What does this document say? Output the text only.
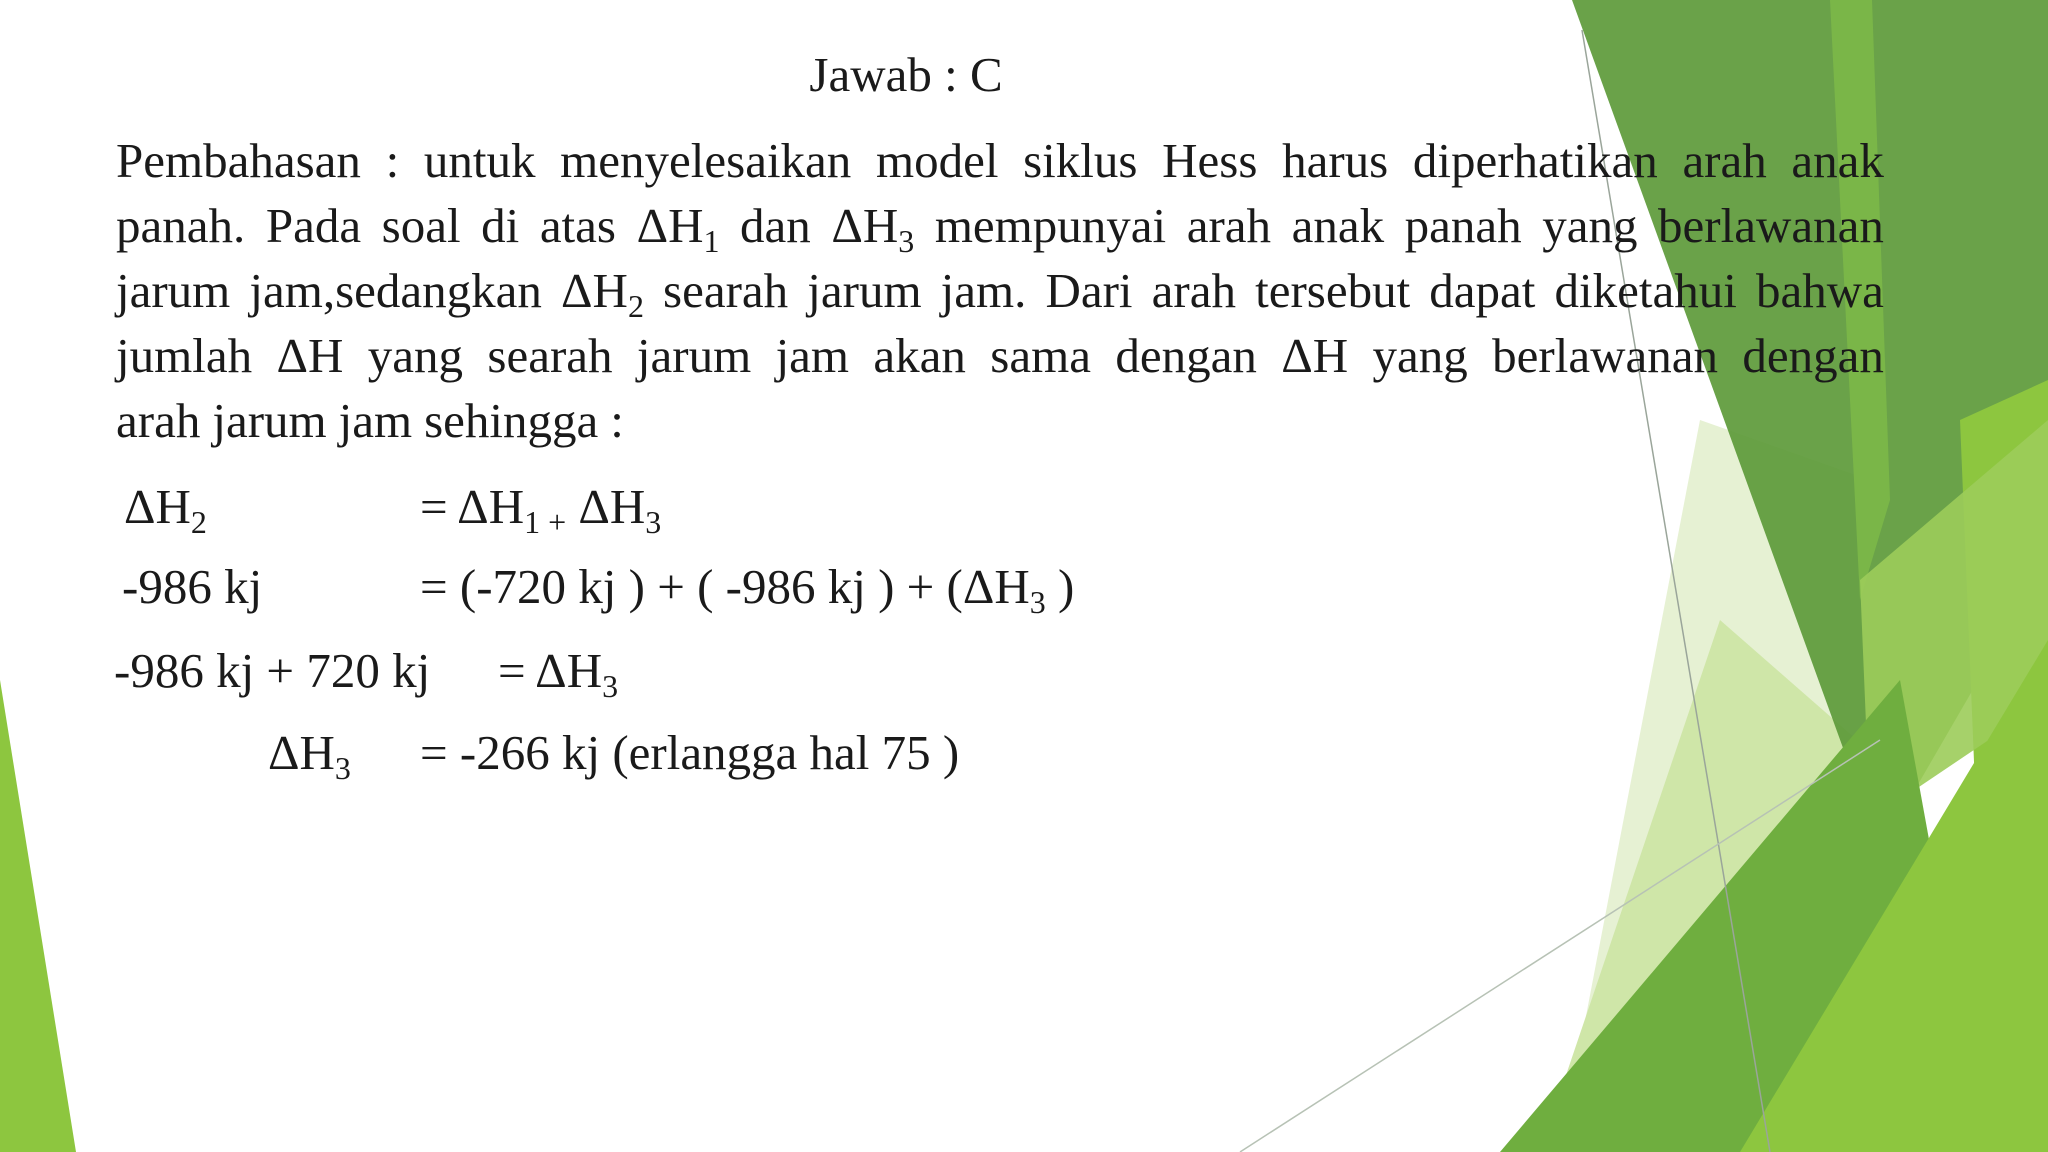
Jawab : C
Pembahasan : untuk menyelesaikan model siklus Hess harus diperhatikan arah anak
panah. Pada soal di atas $\Delta H_1$ dan $\Delta H_3$ mempunyai arah anak panah yang berlawanan
jarum jam,sedangkan $\Delta H_2$ searah jarum jam. Dari arah tersebut dapat diketahui bahwa
jumlah ΔH yang searah jarum jam akan sama dengan ΔH yang berlawanan dengan
arah jarum jam sehingga :
$\Delta H_2$	= $\Delta H_{1 +}$ $\Delta H_3$
-986 kj	= (-720 kj ) + ( -986 kj ) + ($\Delta H_3$ )
-986 kj + 720 kj = $\Delta H_3$
$\Delta H_3 = -266$ kj (erlangga hal 75 )
